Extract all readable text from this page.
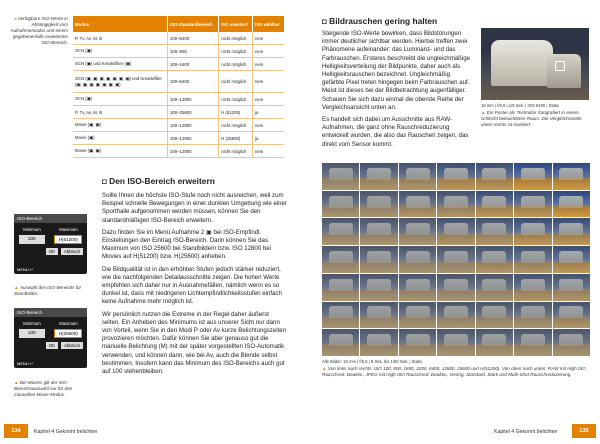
◂ Verfügbare ISO-Werte in Abhängigkeit vom Aufnahmemodus und einem gegebenenfalls erweiterten ISO-Bereich.
Modus	ISO-Standardbereich	ISO erweitert	ISO wählbar
P, Tv, Av, M, B	100–6400	nicht möglich	nein
SCN (▣)	100–800	nicht möglich	nein
SCN (▣) und Kreativfilter (▣)	100–1600	nicht möglich	nein
SCN (▣, ▣, ▣, ▣, ▣, ▣, ▣) und Kreativfilter (▣, ▣, ▣, ▣, ▣, ▣, ▣)	100–6400	nicht möglich	nein
SCN (▣)	100–12800	nicht möglich	nein
P, Tv, Av, M, B	100–25600	H (51200)	ja
Movie (▣, ▣)	100–12800	nicht möglich	nein
Movie (▣)	100–12800	H (25600)	ja
Movie (▣, ▣)	100–12800	nicht möglich	nein
◘ Den ISO-Bereich erweitern

Sollte Ihnen die höchste ISO-Stufe noch nicht ausreichen, weil zum Beispiel schnelle Bewegungen in einer dunklen Umgebung wie einer Sporthalle aufgenommen werden müssen, können Sie den standardmäßigen ISO-Bereich erweitern.

Dazu finden Sie im Menü Aufnahme 2 ▣ bei ISO-Empfindl. Einstellungen den Eintrag ISO-Bereich. Darin können Sie das Maximum von ISO 25600 bei Standbildern bzw. ISO 12800 bei Movies auf H(51200) bzw. H(25600) anheben.

Die Bildqualität ist in den erhöhten Stufen jedoch stärker reduziert, wie die nachfolgenden Detailausschnitte zeigen. Die hohen Werte empfehlen sich daher nur in Ausnahmefällen, nämlich wenn es so dunkel ist, dass mit niedrigeren Lichtempfindlichkeitsstufen einfach keine Aufnahme mehr möglich ist.

Wir persönlich nutzen die Extreme in der Regel daher äußerst selten. Ein Anheben des Minimums ist aus unserer Sicht nur dann von Vorteil, wenn Sie in den Modi P oder Av kurze Belichtungszeiten provozieren möchten. Dafür können Sie aber genauso gut die manuelle Belichtung (M) mit der später vorgestellten ISO-Automatik verwenden, und können dann, wie bei Av, auch die Blende selbst bestimmen. Insofern kann das Minimum des ISO-Bereichs auch gut auf 100 stehenbleiben.

ISO-Bereich
Minimum	Maximum
100	H(51200)
OK	Abbruch
MENU ↩
▲ Auswahl des ISO-Bereichs für Standbilder.
ISO-Bereich
Minimum	Maximum
100	H(25600)
OK	Abbruch
MENU ↩
▲ Bei Movies gilt der ISO-Bereichsauswahl nur für den manuellen Movie-Modus.
134	Kapitel 4 Gekonnt belichten
◘ Bildrauschen gering halten

Steigende ISO-Werte bewirken, dass Bildstörungen immer deutlicher sichtbar werden. Hierbei treffen zwei Phänomene aufeinander: das Luminanz- und das Farbrauschen. Ersteres beschreibt die ungleichmäßige Helligkeitsverteilung der Bildpunkte, daher auch als Helligkeitsrauschen bezeichnet. Ungleichmäßig gefärbte Pixel treten hingegen beim Farbrauschen auf. Meist ist dieses bei der Bildbetrachtung augenfälliger. Schauen Sie sich dazu einmal die oberste Reihe der Vergleichsansicht unten an.

Es handelt sich dabei um Ausschnitte aus RAW-Aufnahmen, die ganz ohne Rauschreduzierung entwickelt wurden, die also das Rauschen zeigen, das direkt vom Sensor kommt.

18 mm | f/5,6 | 1/8 Sek. | ISO 6400 | Stativ
▲ Ein Poster als Testmotiv, fotografiert in einem schlecht beleuchteten Raum. Die Vergleichsstelle unten rechts ist markiert.
Alle Bilder: 18 mm | f/5,6 | 8 Sek. bis 1/60 Sek. | Stativ
▲ Von links nach rechts: ISO 100, 800, 1600, 3200, 6400, 12800, 25600 und H(51200). Von oben nach unten: RAW mit High ISO Rauschred. Deaktiv., JPEG mit High ISO Rauschred. Deaktiv., Gering, Standard, Stark und Multi-Shot-Rauschreduzierung.
Kapitel 4 Gekonnt belichten	135
